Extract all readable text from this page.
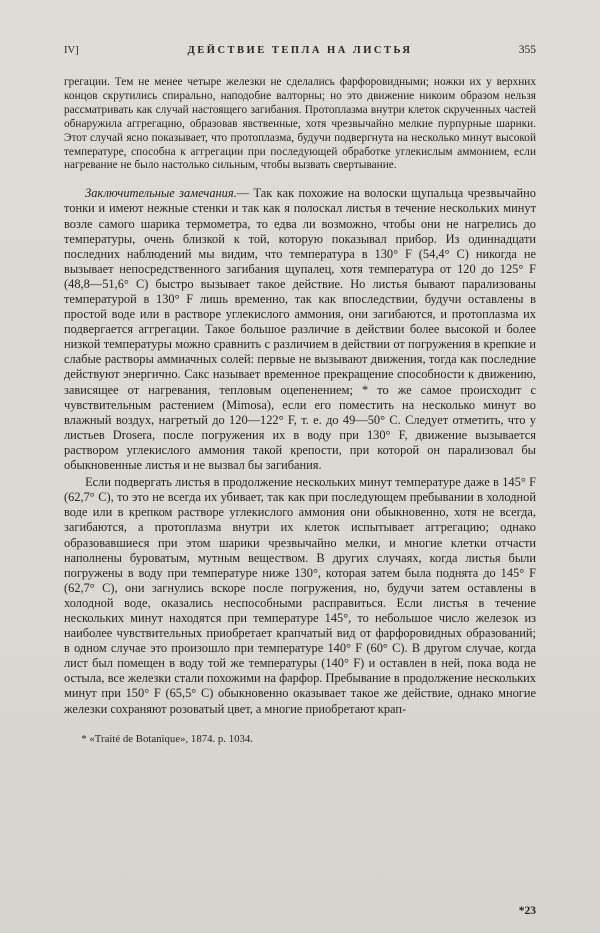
IV]	ДЕЙСТВИЕ ТЕПЛА НА ЛИСТЬЯ	355

грегации. Тем не менее четыре железки не сделались фарфоровидными; ножки их у верхних концов скрутились спирально, наподобие валторны; но это движение никоим образом нельзя рассматривать как случай настоящего загибания. Протоплазма внутри клеток скрученных частей обнаружила аггрегацию, образовав явственные, хотя чрезвычайно мелкие пурпурные шарики. Этот случай ясно показывает, что протоплазма, будучи подвергнута на несколько минут высокой температуре, способна к аггрегации при последующей обработке углекислым аммонием, если нагревание не было настолько сильным, чтобы вызвать свертывание.

Заключительные замечания.— Так как похожие на волоски щупальца чрезвычайно тонки и имеют нежные стенки и так как я полоскал листья в течение нескольких минут возле самого шарика термометра, то едва ли возможно, чтобы они не нагрелись до температуры, очень близкой к той, которую показывал прибор. Из одиннадцати последних наблюдений мы видим, что температура в 130° F (54,4° C) никогда не вызывает непосредственного загибания щупалец, хотя температура от 120 до 125° F (48,8—51,6° C) быстро вызывает такое действие. Но листья бывают парализованы температурой в 130° F лишь временно, так как впоследствии, будучи оставлены в простой воде или в растворе углекислого аммония, они загибаются, и протоплазма их подвергается аггрегации. Такое большое различие в действии более высокой и более низкой температуры можно сравнить с различием в действии от погружения в крепкие и слабые растворы аммиачных солей: первые не вызывают движения, тогда как последние действуют энергично. Сакс называет временное прекращение способности к движению, зависящее от нагревания, тепловым оцепенением; * то же самое происходит с чувствительным растением (Mimosa), если его поместить на несколько минут во влажный воздух, нагретый до 120—122° F, т. е. до 49—50° C. Следует отметить, что у листьев Drosera, после погружения их в воду при 130° F, движение вызывается раствором углекислого аммония такой крепости, при которой он парализовал бы обыкновенные листья и не вызвал бы загибания.

Если подвергать листья в продолжение нескольких минут температуре даже в 145° F (62,7° C), то это не всегда их убивает, так как при последующем пребывании в холодной воде или в крепком растворе углекислого аммония они обыкновенно, хотя не всегда, загибаются, а протоплазма внутри их клеток испытывает аггрегацию; однако образовавшиеся при этом шарики чрезвычайно мелки, и многие клетки отчасти наполнены буроватым, мутным веществом. В других случаях, когда листья были погружены в воду при температуре ниже 130°, которая затем была поднята до 145° F (62,7° C), они загнулись вскоре после погружения, но, будучи затем оставлены в холодной воде, оказались неспособными расправиться. Если листья в течение нескольких минут находятся при температуре 145°, то небольшое число железок из наиболее чувствительных приобретает крапчатый вид от фарфоровидных образований; в одном случае это произошло при температуре 140° F (60° C). В другом случае, когда лист был помещен в воду той же температуры (140° F) и оставлен в ней, пока вода не остыла, все железки стали похожими на фарфор. Пребывание в продолжение нескольких минут при 150° F (65,5° C) обыкновенно оказывает такое же действие, однако многие железки сохраняют розоватый цвет, а многие приобретают крап-

* «Traité de Botanique», 1874. p. 1034.
*23
